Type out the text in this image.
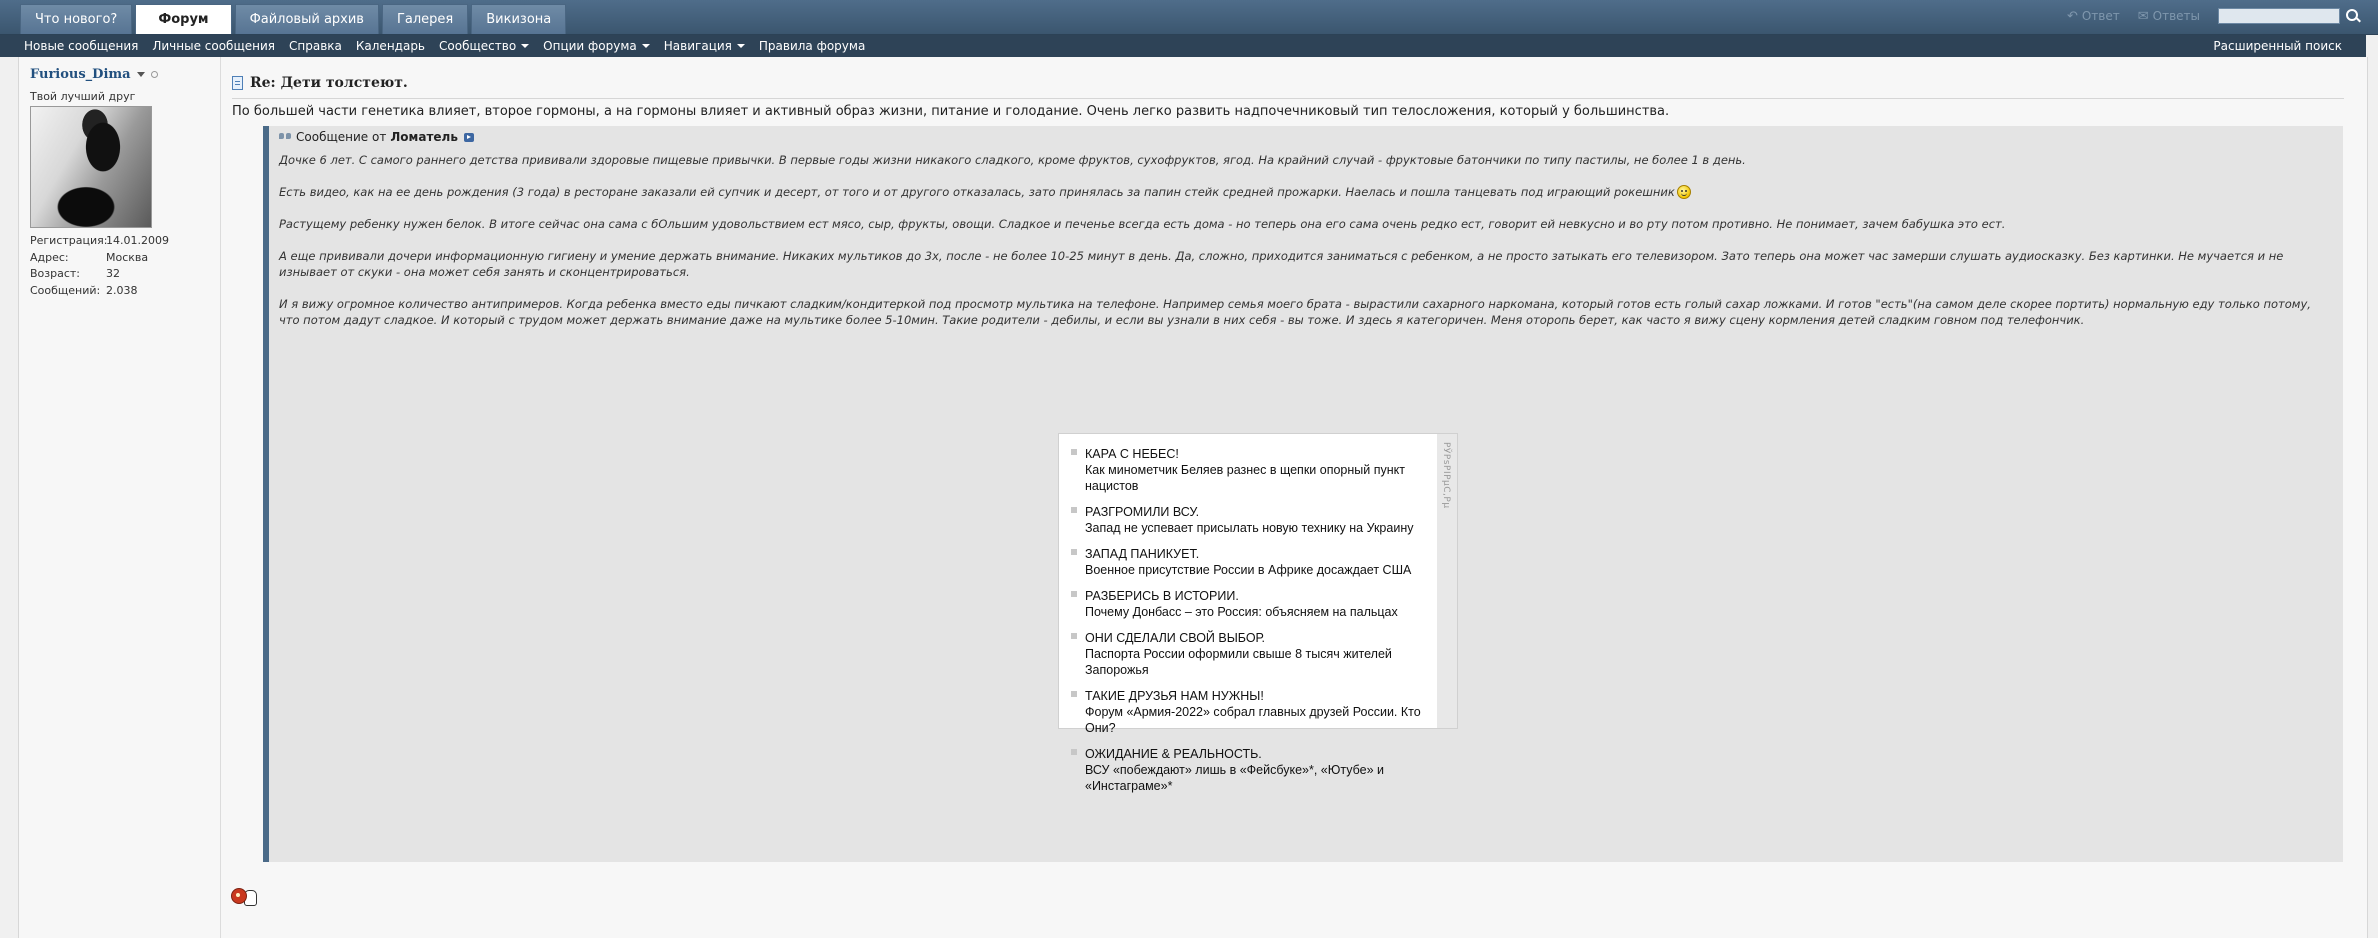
Что нового?	Форум	Файловый архив	Галерея	Викизона	↶ Ответ ✉ Ответы
Новые сообщения Личные сообщения Справка Календарь Сообщество Опции форума Навигация Правила форума	Расширенный поиск
Furious_Dima
Твой лучший друг
Регистрация:
14.01.2009
Адрес:	Москва
Возраст:	32
Сообщений: 2.038
Re: Дети толстеют.
По большей части генетика влияет, второе гормоны, а на гормоны влияет и активный образ жизни, питание и голодание. Очень легко развить надпочечниковый тип телосложения, который у большинства.
Сообщение от Ломатель

Дочке 6 лет. С самого раннего детства прививали здоровые пищевые привычки. В первые годы жизни никакого сладкого, кроме фруктов, сухофруктов, ягод. На крайний случай - фруктовые батончики по типу пастилы, не более 1 в день.

Есть видео, как на ее день рождения (3 года) в ресторане заказали ей супчик и десерт, от того и от другого отказалась, зато принялась за папин стейк средней прожарки. Наелась и пошла танцевать под играющий рокешник

Растущему ребенку нужен белок. В итоге сейчас она сама с бОльшим удовольствием ест мясо, сыр, фрукты, овощи. Сладкое и печенье всегда есть дома - но теперь она его сама очень редко ест, говорит ей невкусно и во рту потом противно. Не понимает, зачем бабушка это ест.

А еще прививали дочери информационную гигиену и умение держать внимание. Никаких мультиков до 3х, после - не более 10-25 минут в день. Да, сложно, приходится заниматься с ребенком, а не просто затыкать его телевизором. Зато теперь она может час замерши слушать аудиосказку. Без картинки. Не мучается и не изнывает от скуки - она может себя занять и сконцентрироваться.

И я вижу огромное количество антипримеров. Когда ребенка вместо еды пичкают сладким/кондитеркой под просмотр мультика на телефоне. Например семья моего брата - вырастили сахарного наркомана, который готов есть голый сахар ложками. И готов "есть"(на самом деле скорее портить) нормальную еду только потому, что потом дадут сладкое. И который с трудом может держать внимание даже на мультике более 5-10мин. Такие родители - дебилы, и если вы узнали в них себя - вы тоже. И здесь я категоричен. Меня оторопь берет, как часто я вижу сцену кормления детей сладким говном под телефончик.

КАРА С НЕБЕС!
Как минометчик Беляев разнес в щепки опорный пункт нацистов
РАЗГРОМИЛИ ВСУ.
Запад не успевает присылать новую технику на Украину
ЗАПАД ПАНИКУЕТ.
Военное присутствие России в Африке досаждает США
РАЗБЕРИСЬ В ИСТОРИИ.
Почему Донбасс – это Россия: объясняем на пальцах
ОНИ СДЕЛАЛИ СВОЙ ВЫБОР.
Паспорта России оформили свыше 8 тысяч жителей Запорожья
ТАКИЕ ДРУЗЬЯ НАМ НУЖНЫ!
Форум «Армия-2022» собрал главных друзей России. Кто Они?
ОЖИДАНИЕ & РЕАЛЬНОСТЬ.
ВСУ «побеждают» лишь в «Фейсбуке»*, «Ютубе» и «Инстаграме»*
РЎРѕРІРµС‚Рµ
